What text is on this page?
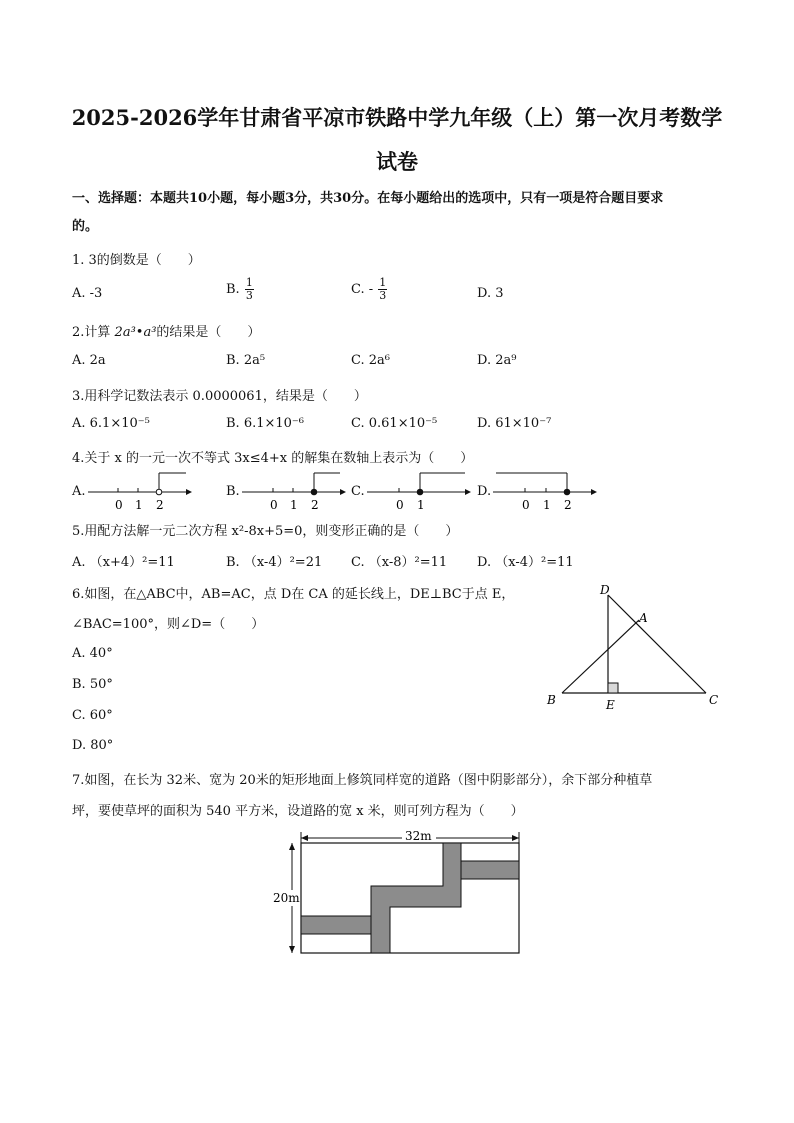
2025-2026学年甘肃省平凉市铁路中学九年级（上）第一次月考数学
试卷
一、选择题：本题共10小题，每小题3分，共30分。在每小题给出的选项中，只有一项是符合题目要求
的。
1. 3的倒数是（　　）
A. -3	B. $\frac{1}{3}$	C. - $\frac{1}{3}$	D. 3
2.计算 2a³•a³的结果是（　　）
A. 2a	B. 2a⁵	C. 2a⁶	D. 2a⁹
3.用科学记数法表示 0.0000061，结果是（　　）
A. 6.1×10⁻⁵	B. 6.1×10⁻⁶	C. 0.61×10⁻⁵	D. 61×10⁻⁷
4.关于 x 的一元一次不等式 3x≤4+x 的解集在数轴上表示为（　　）
A.
0 1 2
B.
0 1 2
C.
0 1
D.
0 1 2
5.用配方法解一元二次方程 x²-8x+5=0，则变形正确的是（　　）
A. （x+4）²=11	B. （x-4）²=21 C. （x-8）²=11 D. （x-4）²=11
6.如图，在△ABC中，AB=AC，点 D在 CA 的延长线上，DE⊥BC于点 E，
∠BAC=100°，则∠D=（　　）
A. 40°
B. 50°
C. 60°
D. 80°
D
A
B	E	C
7.如图，在长为 32米、宽为 20米的矩形地面上修筑同样宽的道路（图中阴影部分），余下部分种植草
坪，要使草坪的面积为 540 平方米，设道路的宽 x 米，则可列方程为（　　）
32m
20m
